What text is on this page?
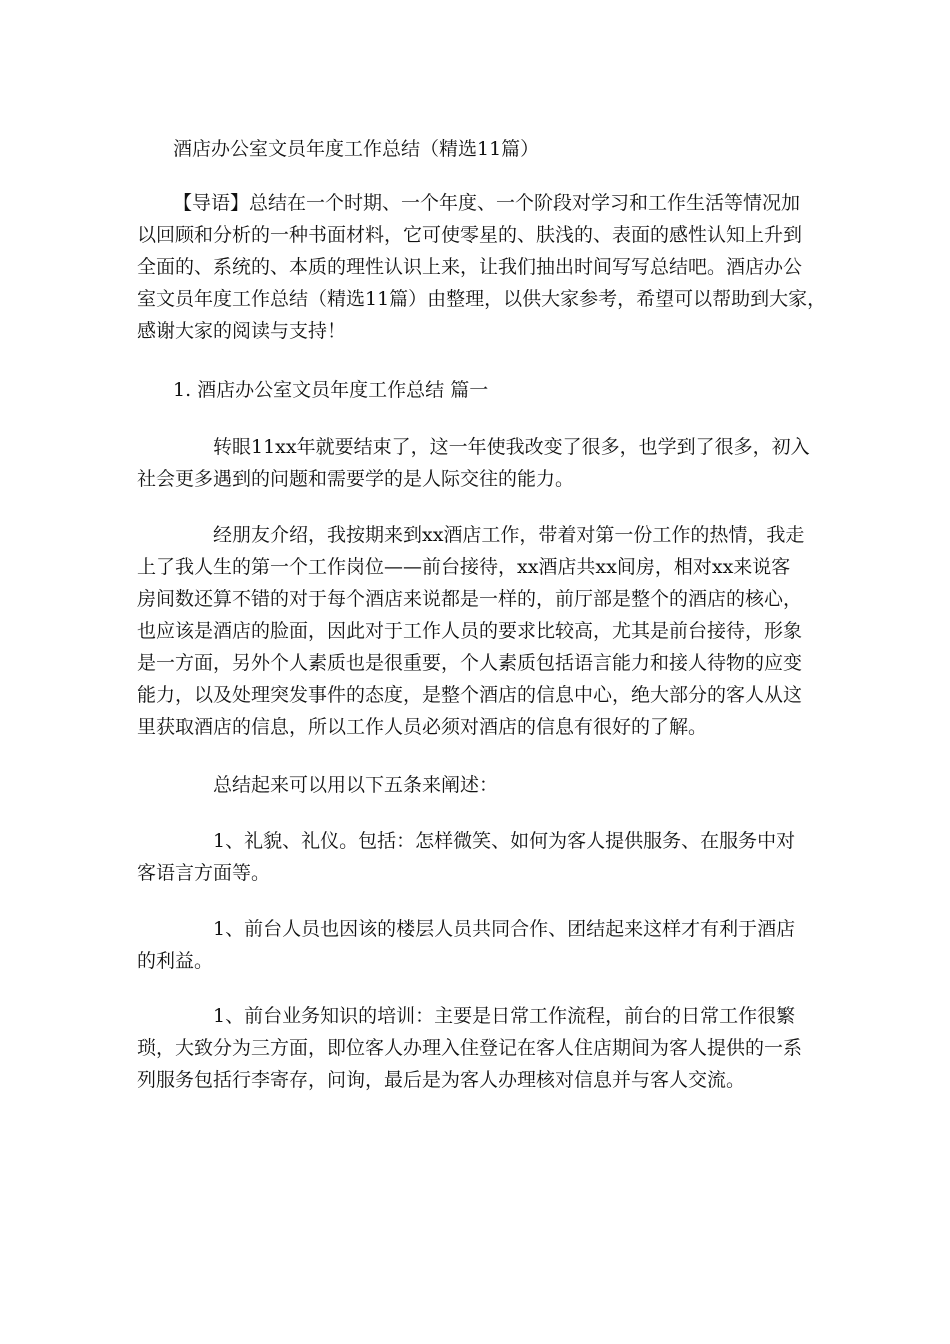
酒店办公室文员年度工作总结（精选11篇）

【导语】总结在一个时期、一个年度、一个阶段对学习和工作生活等情况加
以回顾和分析的一种书面材料，它可使零星的、肤浅的、表面的感性认知上升到
全面的、系统的、本质的理性认识上来，让我们抽出时间写写总结吧。酒店办公
室文员年度工作总结（精选11篇）由整理，以供大家参考，希望可以帮助到大家，
感谢大家的阅读与支持！

1. 酒店办公室文员年度工作总结 篇一

转眼11xx年就要结束了，这一年使我改变了很多，也学到了很多，初入
社会更多遇到的问题和需要学的是人际交往的能力。

经朋友介绍，我按期来到xx酒店工作，带着对第一份工作的热情，我走
上了我人生的第一个工作岗位——前台接待，xx酒店共xx间房，相对xx来说客
房间数还算不错的对于每个酒店来说都是一样的，前厅部是整个的酒店的核心，
也应该是酒店的脸面，因此对于工作人员的要求比较高，尤其是前台接待，形象
是一方面，另外个人素质也是很重要，个人素质包括语言能力和接人待物的应变
能力，以及处理突发事件的态度，是整个酒店的信息中心，绝大部分的客人从这
里获取酒店的信息，所以工作人员必须对酒店的信息有很好的了解。

总结起来可以用以下五条来阐述：

1、礼貌、礼仪。包括：怎样微笑、如何为客人提供服务、在服务中对
客语言方面等。

1、前台人员也因该的楼层人员共同合作、团结起来这样才有利于酒店
的利益。

1、前台业务知识的培训：主要是日常工作流程，前台的日常工作很繁
琐，大致分为三方面，即位客人办理入住登记在客人住店期间为客人提供的一系
列服务包括行李寄存，问询，最后是为客人办理核对信息并与客人交流。
